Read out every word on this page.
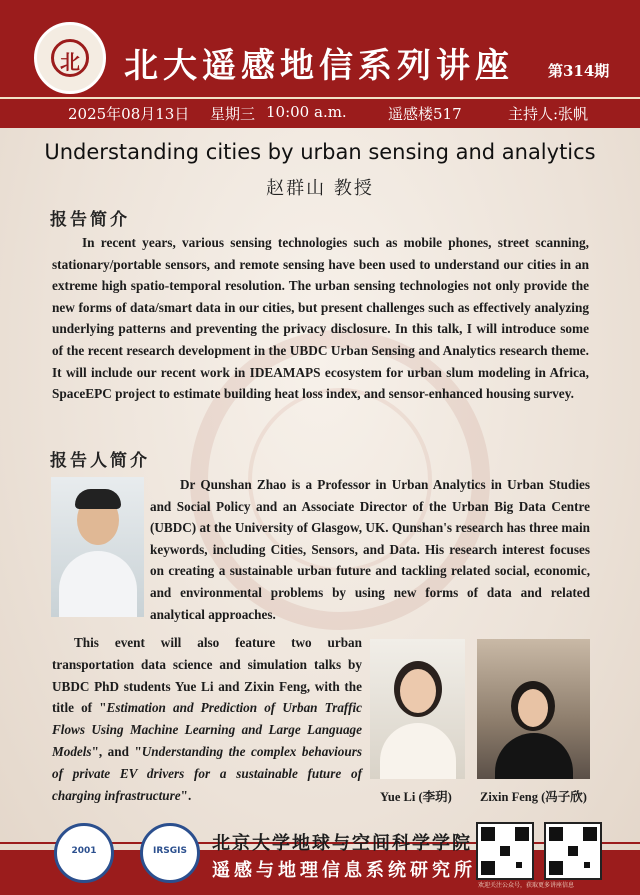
北 北大遥感地信系列讲座 第314期
2025年08月13日 星期三 10:00 a.m.	遥感楼517	主持人:张帆
Understanding cities by urban sensing and analytics
赵群山 教授
报告简介
In recent years, various sensing technologies such as mobile phones, street scanning, stationary/portable sensors, and remote sensing have been used to understand our cities in an extreme high spatio-temporal resolution. The urban sensing technologies not only provide the new forms of data/smart data in our cities, but present challenges such as effectively analyzing underlying patterns and preventing the privacy disclosure. In this talk, I will introduce some of the recent research development in the UBDC Urban Sensing and Analytics research theme. It will include our recent work in IDEAMAPS ecosystem for urban slum modeling in Africa, SpaceEPC project to estimate building heat loss index, and sensor-enhanced housing survey.
报告人简介
Dr Qunshan Zhao is a Professor in Urban Analytics in Urban Studies and Social Policy and an Associate Director of the Urban Big Data Centre (UBDC) at the University of Glasgow, UK. Qunshan's research has three main keywords, including Cities, Sensors, and Data. His research interest focuses on creating a sustainable urban future and tackling related social, economic, and environmental problems by using new forms of data and related analytical approaches.
This event will also feature two urban transportation data science and simulation talks by UBDC PhD students Yue Li and Zixin Feng, with the title of "Estimation and Prediction of Urban Traffic Flows Using Machine Learning and Large Language Models", and "Understanding the complex behaviours of private EV drivers for a sustainable future of charging infrastructure".	Yue Li (李玥) Zixin Feng (冯子欣)
2001	IRSGIS	北京大学地球与空间科学学院
遥感与地理信息系统研究所
欢迎关注公众号，获取更多讲座信息
